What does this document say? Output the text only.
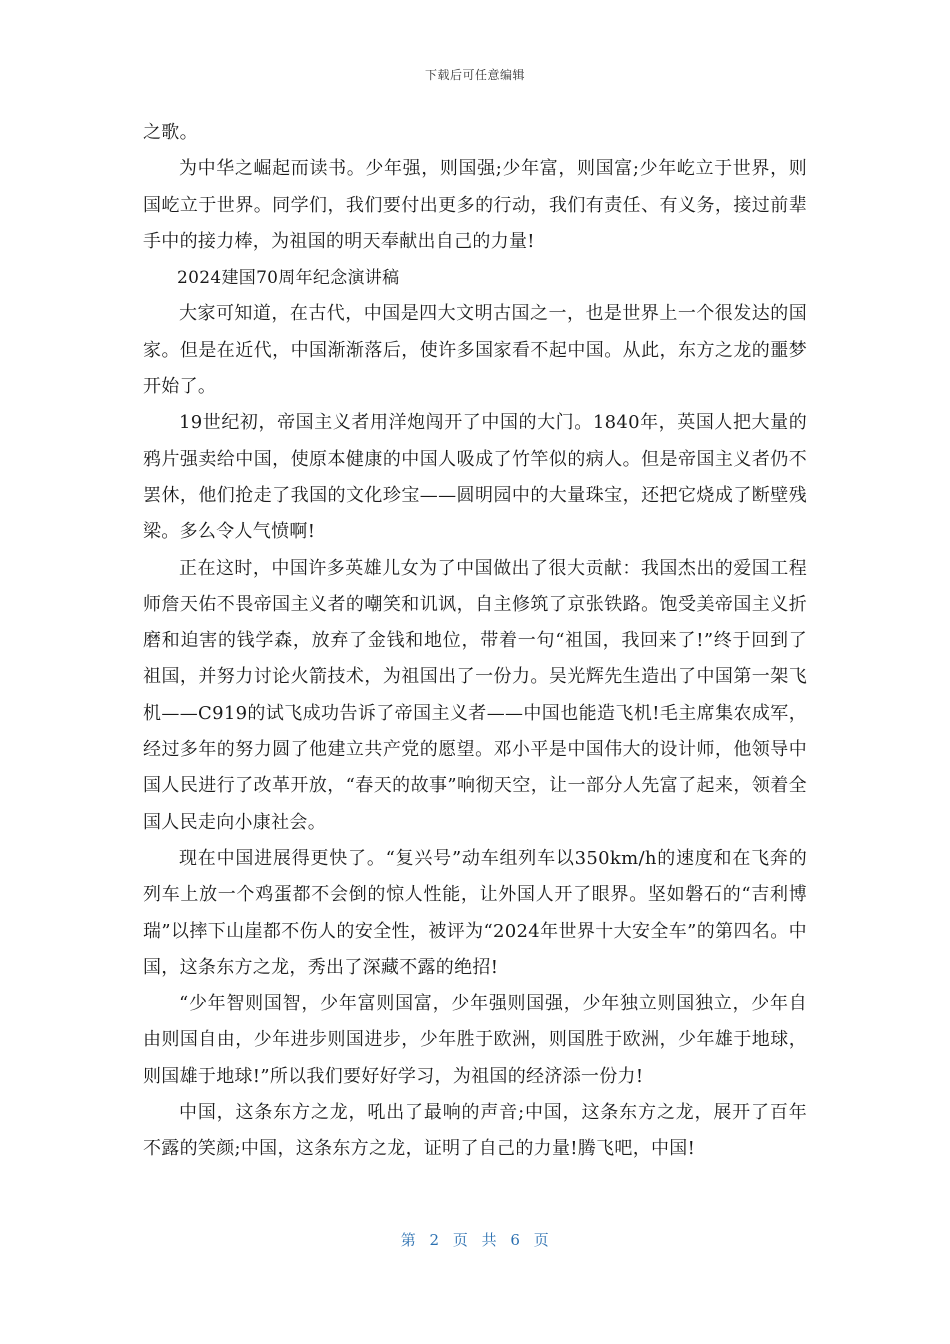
下载后可任意编辑

之歌。

为中华之崛起而读书。少年强，则国强;少年富，则国富;少年屹立于世界，则国屹立于世界。同学们，我们要付出更多的行动，我们有责任、有义务，接过前辈手中的接力棒，为祖国的明天奉献出自己的力量!

2024建国70周年纪念演讲稿

大家可知道，在古代，中国是四大文明古国之一，也是世界上一个很发达的国家。但是在近代，中国渐渐落后，使许多国家看不起中国。从此，东方之龙的噩梦开始了。

19世纪初，帝国主义者用洋炮闯开了中国的大门。1840年，英国人把大量的鸦片强卖给中国，使原本健康的中国人吸成了竹竿似的病人。但是帝国主义者仍不罢休，他们抢走了我国的文化珍宝——圆明园中的大量珠宝，还把它烧成了断壁残梁。多么令人气愤啊!

正在这时，中国许多英雄儿女为了中国做出了很大贡献：我国杰出的爱国工程师詹天佑不畏帝国主义者的嘲笑和讥讽，自主修筑了京张铁路。饱受美帝国主义折磨和迫害的钱学森，放弃了金钱和地位，带着一句“祖国，我回来了!”终于回到了祖国，并努力讨论火箭技术，为祖国出了一份力。吴光辉先生造出了中国第一架飞机——C919的试飞成功告诉了帝国主义者——中国也能造飞机!毛主席集农成军，经过多年的努力圆了他建立共产党的愿望。邓小平是中国伟大的设计师，他领导中国人民进行了改革开放，“春天的故事”响彻天空，让一部分人先富了起来，领着全国人民走向小康社会。

现在中国进展得更快了。“复兴号”动车组列车以350km/h的速度和在飞奔的列车上放一个鸡蛋都不会倒的惊人性能，让外国人开了眼界。坚如磐石的“吉利博瑞”以摔下山崖都不伤人的安全性，被评为“2024年世界十大安全车”的第四名。中国，这条东方之龙，秀出了深藏不露的绝招!

“少年智则国智，少年富则国富，少年强则国强，少年独立则国独立，少年自由则国自由，少年进步则国进步，少年胜于欧洲，则国胜于欧洲，少年雄于地球，则国雄于地球!”所以我们要好好学习，为祖国的经济添一份力!

中国，这条东方之龙，吼出了最响的声音;中国，这条东方之龙，展开了百年不露的笑颜;中国，这条东方之龙，证明了自己的力量!腾飞吧，中国!

第 2 页 共 6 页
